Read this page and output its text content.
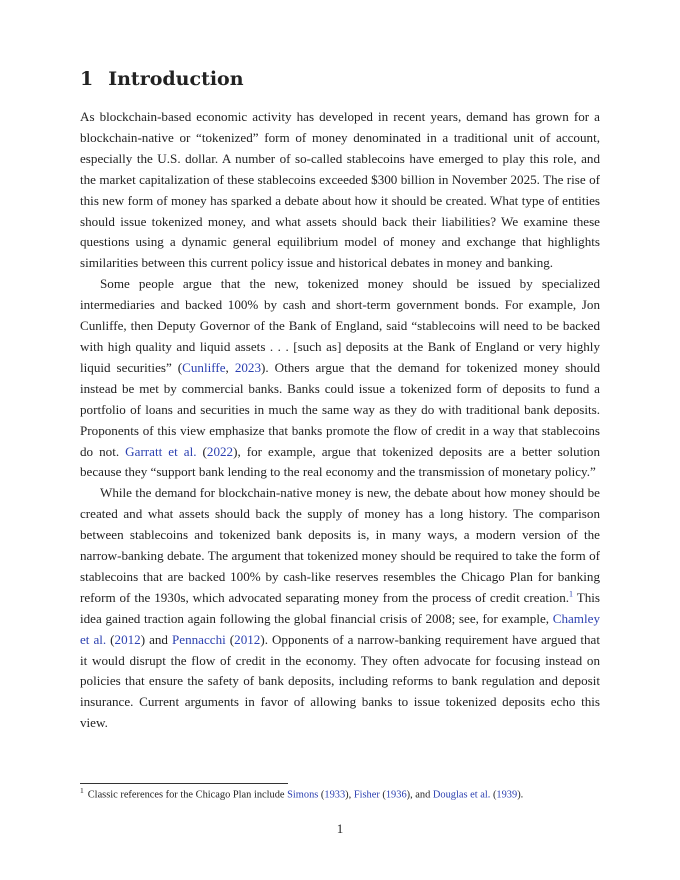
1 Introduction

As blockchain-based economic activity has developed in recent years, demand has grown for a blockchain-native or “tokenized” form of money denominated in a traditional unit of account, especially the U.S. dollar. A number of so-called stablecoins have emerged to play this role, and the market capitalization of these stablecoins exceeded $300 billion in November 2025. The rise of this new form of money has sparked a debate about how it should be created. What type of entities should issue tokenized money, and what assets should back their liabilities? We examine these questions using a dynamic general equilibrium model of money and exchange that highlights similarities between this current policy issue and historical debates in money and banking.

Some people argue that the new, tokenized money should be issued by specialized intermediaries and backed 100% by cash and short-term government bonds. For example, Jon Cunliffe, then Deputy Governor of the Bank of England, said “stablecoins will need to be backed with high quality and liquid assets . . . [such as] deposits at the Bank of England or very highly liquid securities” (Cunliffe, 2023). Others argue that the demand for tokenized money should instead be met by commercial banks. Banks could issue a tokenized form of deposits to fund a portfolio of loans and securities in much the same way as they do with traditional bank deposits. Proponents of this view emphasize that banks promote the flow of credit in a way that stablecoins do not. Garratt et al. (2022), for example, argue that tokenized deposits are a better solution because they “support bank lending to the real economy and the transmission of monetary policy.”

While the demand for blockchain-native money is new, the debate about how money should be created and what assets should back the supply of money has a long history. The comparison between stablecoins and tokenized bank deposits is, in many ways, a modern version of the narrow-banking debate. The argument that tokenized money should be required to take the form of stablecoins that are backed 100% by cash-like reserves resembles the Chicago Plan for banking reform of the 1930s, which advocated separating money from the process of credit creation.$^1$ This idea gained traction again following the global financial crisis of 2008; see, for example, Chamley et al. (2012) and Pennacchi (2012). Opponents of a narrow-banking requirement have argued that it would disrupt the flow of credit in the economy. They often advocate for focusing instead on policies that ensure the safety of bank deposits, including reforms to bank regulation and deposit insurance. Current arguments in favor of allowing banks to issue tokenized deposits echo this view.

$^1$ Classic references for the Chicago Plan include Simons (1933), Fisher (1936), and Douglas et al. (1939).
1
